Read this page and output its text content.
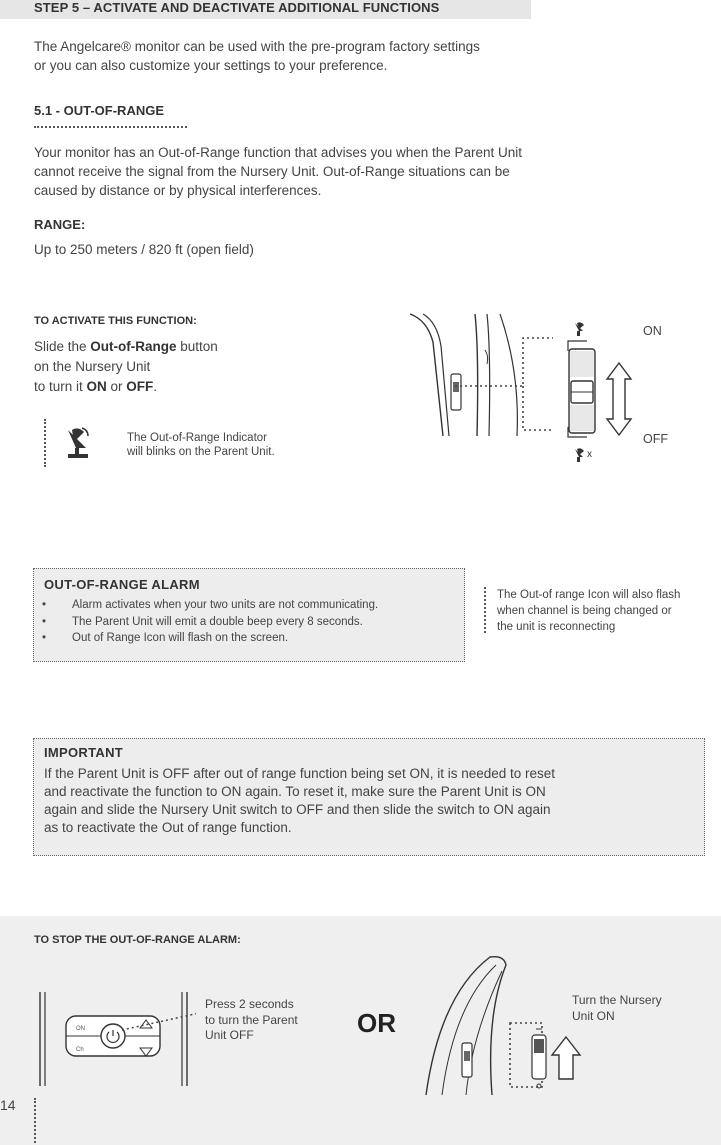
STEP 5 – ACTIVATE AND DEACTIVATE ADDITIONAL FUNCTIONS
The Angelcare® monitor can be used with the pre-program factory settings
or you can also customize your settings to your preference.
5.1 - OUT-OF-RANGE
Your monitor has an Out-of-Range function that advises you when the Parent Unit
cannot receive the signal from the Nursery Unit. Out-of-Range situations can be
caused by distance or by physical interferences.
RANGE:
Up to 250 meters / 820 ft (open field)
TO ACTIVATE THIS FUNCTION:
Slide the Out-of-Range button
on the Nursery Unit
to turn it ON or OFF.
The Out-of-Range Indicator
will blinks on the Parent Unit.	x
ON
OFF
OUT-OF-RANGE ALARM
• Alarm activates when your two units are not communicating.
• The Parent Unit will emit a double beep every 8 seconds.
• Out of Range Icon will flash on the screen.
The Out-of range Icon will also flash
when channel is being changed or
the unit is reconnecting
IMPORTANT
If the Parent Unit is OFF after out of range function being set ON, it is needed to reset
and reactivate the function to ON again. To reset it, make sure the Parent Unit is ON
again and slide the Nursery Unit switch to OFF and then slide the switch to ON again
as to reactivate the Out of range function.
TO STOP THE OUT-OF-RANGE ALARM:
ON
Ch
Press 2 seconds
to turn the Parent
Unit OFF	OR
Turn the Nursery
Unit ON
14
